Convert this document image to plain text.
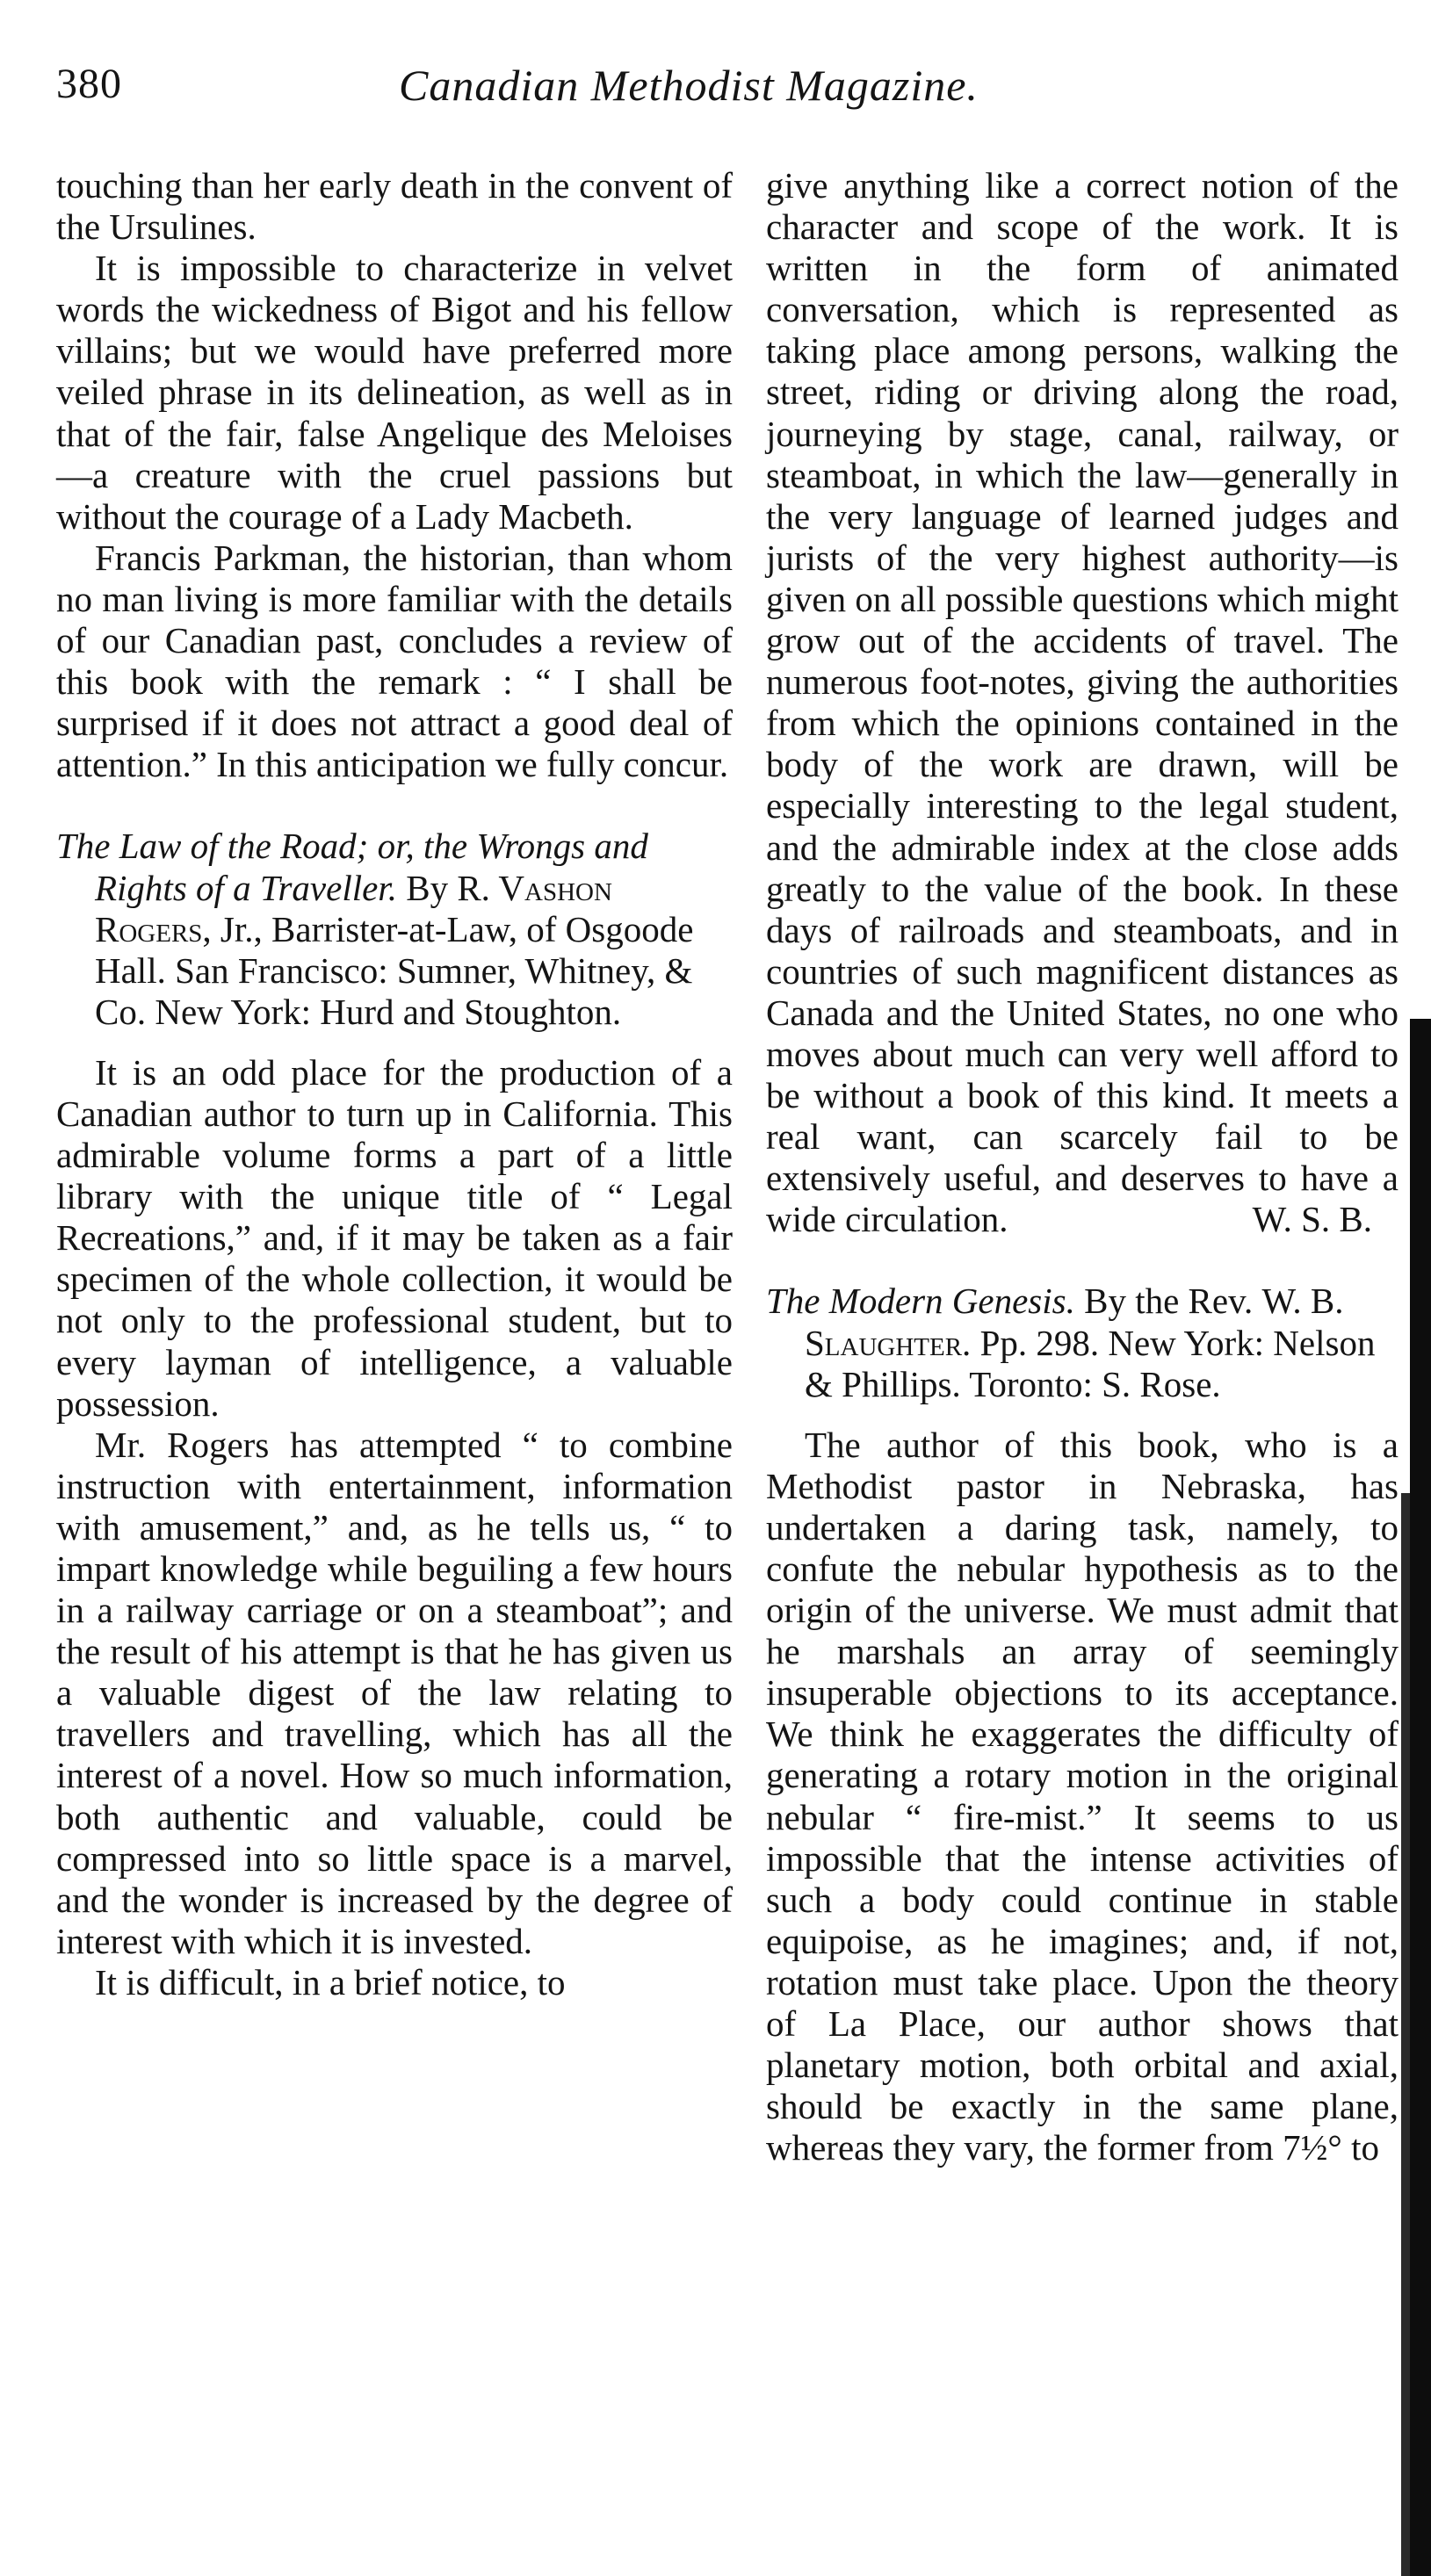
380	Canadian Methodist Magazine.

touching than her early death in the convent of the Ursulines.

It is impossible to characterize in velvet words the wickedness of Bigot and his fellow villains; but we would have preferred more veiled phrase in its delineation, as well as in that of the fair, false Angelique des Meloises —a creature with the cruel passions but without the courage of a Lady Macbeth.

Francis Parkman, the historian, than whom no man living is more familiar with the details of our Canadian past, concludes a review of this book with the remark : “ I shall be surprised if it does not attract a good deal of attention.” In this anticipation we fully concur.

The Law of the Road; or, the Wrongs and Rights of a Traveller. By R. Vashon Rogers, Jr., Barrister-at-Law, of Osgoode Hall. San Francisco: Sumner, Whitney, & Co. New York: Hurd and Stoughton.

It is an odd place for the production of a Canadian author to turn up in California. This admirable volume forms a part of a little library with the unique title of “ Legal Recreations,” and, if it may be taken as a fair specimen of the whole collection, it would be not only to the professional student, but to every layman of intelligence, a valuable possession.

Mr. Rogers has attempted “ to combine instruction with entertainment, information with amusement,” and, as he tells us, “ to impart knowledge while beguiling a few hours in a railway carriage or on a steamboat”; and the result of his attempt is that he has given us a valuable digest of the law relating to travellers and travelling, which has all the interest of a novel. How so much information, both authentic and valuable, could be compressed into so little space is a marvel, and the wonder is increased by the degree of interest with which it is invested.

It is difficult, in a brief notice, to

give anything like a correct notion of the character and scope of the work. It is written in the form of animated conversation, which is represented as taking place among persons, walking the street, riding or driving along the road, journeying by stage, canal, railway, or steamboat, in which the law—generally in the very language of learned judges and jurists of the very highest authority—is given on all possible questions which might grow out of the accidents of travel. The numerous foot-notes, giving the authorities from which the opinions contained in the body of the work are drawn, will be especially interesting to the legal student, and the admirable index at the close adds greatly to the value of the book. In these days of railroads and steamboats, and in countries of such magnificent distances as Canada and the United States, no one who moves about much can very well afford to be without a book of this kind. It meets a real want, can scarcely fail to be extensively useful, and deserves to have a wide circulation.	W. S. B.
The Modern Genesis. By the Rev. W. B. Slaughter. Pp. 298. New York: Nelson & Phillips. Toronto: S. Rose.

The author of this book, who is a Methodist pastor in Nebraska, has undertaken a daring task, namely, to confute the nebular hypothesis as to the origin of the universe. We must admit that he marshals an array of seemingly insuperable objections to its acceptance. We think he exaggerates the difficulty of generating a rotary motion in the original nebular “ fire-mist.” It seems to us impossible that the intense activities of such a body could continue in stable equipoise, as he imagines; and, if not, rotation must take place. Upon the theory of La Place, our author shows that planetary motion, both orbital and axial, should be exactly in the same plane, whereas they vary, the former from 7½° to
